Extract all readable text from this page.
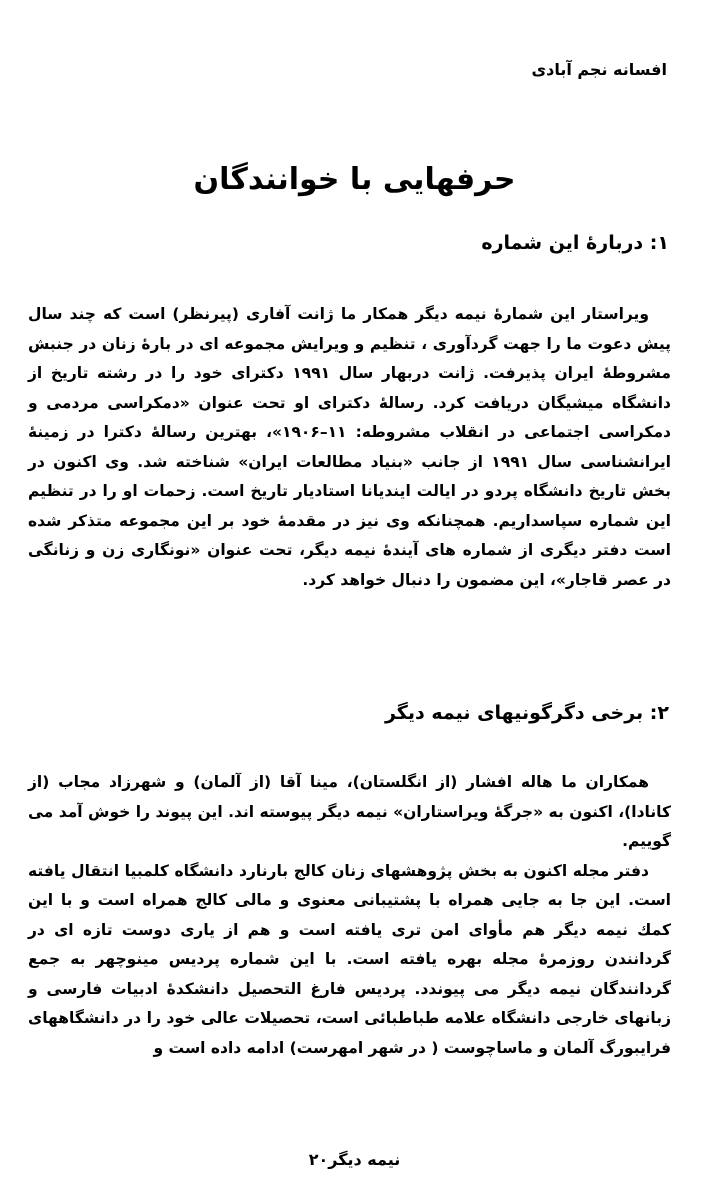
افسانه نجم آبادی
حرفهایی با خوانندگان
۱: دربارهٔ این شماره

ویراستار این شمارهٔ نیمه دیگر همکار ما ژانت آفاری (پیرنظر) است که چند سال پیش دعوت ما را جهت گردآوری ، تنظیم و ویرایش مجموعه ای در بارهٔ زنان در جنبش مشروطهٔ ایران پذیرفت. ژانت دربهار سال ۱۹۹۱ دکترای خود را در رشته تاریخ از دانشگاه میشیگان دریافت کرد. رسالهٔ دکترای او تحت عنوان «دمکراسی مردمی و دمکراسی اجتماعی در انقلاب مشروطه: ۱۱–۱۹۰۶»، بهترین رسالهٔ دکترا در زمینهٔ ایرانشناسی سال ۱۹۹۱ از جانب «بنیاد مطالعات ایران» شناخته شد. وی اکنون در بخش تاریخ دانشگاه پردو در ایالت ایندیانا استادیار تاریخ است. زحمات او را در تنظیم این شماره سپاسداریم. همچنانکه وی نیز در مقدمهٔ خود بر این مجموعه متذکر شده است دفتر دیگری از شماره های آیندهٔ نیمه دیگر، تحت عنوان «نونگاری زن و زنانگی در عصر قاجار»، این مضمون را دنبال خواهد کرد.

۲: برخی دگرگونیهای نیمه دیگر

همکاران ما هاله افشار (از انگلستان)، مینا آقا (از آلمان) و شهرزاد مجاب (از کانادا)، اکنون به «جرگهٔ ویراستاران» نیمه دیگر پیوسته اند. این پیوند را خوش آمد می گوییم.

دفتر مجله اکنون به بخش پژوهشهای زنان کالج بارنارد دانشگاه کلمبیا انتقال یافته است. این جا به جایی همراه با پشتیبانی معنوی و مالی کالج همراه است و با این کمك نیمه دیگر هم مأوای امن تری یافته است و هم از یاری دوست تازه ای در گردانندن روزمرهٔ مجله بهره یافته است. با این شماره پردیس مینوچهر به جمع گردانندگان نیمه دیگر می پیوندد. پردیس فارغ التحصیل دانشکدهٔ ادبیات فارسی و زبانهای خارجی دانشگاه علامه طباطبائی است، تحصیلات عالی خود را در دانشگاههای فرایبورگ آلمان و ماساچوست ( در شهر امهرست) ادامه داده است و

نیمه دیگر۲۰
